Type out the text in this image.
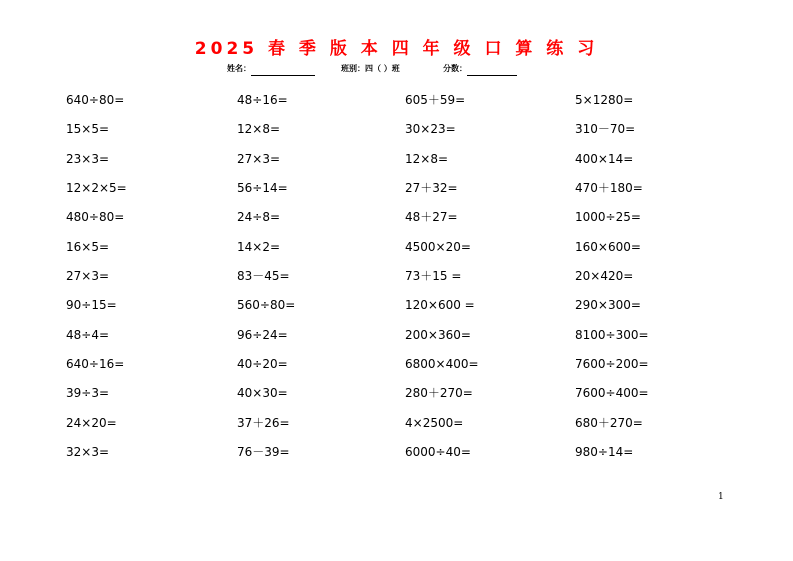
2025 春 季 版 本 四 年 级 口 算 练 习
姓名：	班别：四（ ）班	分数：
640÷80=
15×5=
23×3=
12×2×5=
480÷80=
16×5=
27×3=
90÷15=
48÷4=
640÷16=
39÷3=
24×20=
32×3=
48÷16=
12×8=
27×3=
56÷14=
24÷8=
14×2=
83－45=
560÷80=
96÷24=
40÷20=
40×30=
37＋26=
76－39=
605＋59=
30×23=
12×8=
27＋32=
48＋27=
4500×20=
73＋15 =
120×600 =
200×360=
6800×400=
280＋270=
4×2500=
6000÷40=
5×1280=
310－70=
400×14=
470＋180=
1000÷25=
160×600=
20×420=
290×300=
8100÷300=
7600÷200=
7600÷400=
680＋270=
980÷14=
1
